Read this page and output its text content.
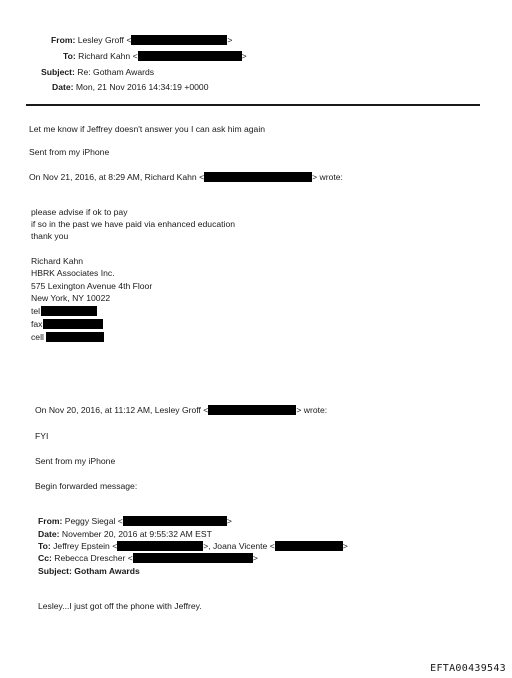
From: Lesley Groff <	>
To: Richard Kahn <	>
Subject: Re: Gotham Awards
Date: Mon, 21 Nov 2016 14:34:19 +0000
Let me know if Jeffrey doesn't answer you I can ask him again
Sent from my iPhone
On Nov 21, 2016, at 8:29 AM, Richard Kahn <	> wrote:
please advise if ok to pay
if so in the past we have paid via enhanced education
thank you
Richard Kahn
HBRK Associates Inc.
575 Lexington Avenue 4th Floor
New York, NY 10022
tel
fax
cell
On Nov 20, 2016, at 11:12 AM, Lesley Groff <	> wrote:
FYI
Sent from my iPhone
Begin forwarded message:
From: Peggy Siegal <	>
Date: November 20, 2016 at 9:55:32 AM EST
To: Jeffrey Epstein <	>, Joana Vicente <	>
Cc: Rebecca Drescher <	>
Subject: Gotham Awards
Lesley...I just got off the phone with Jeffrey.
EFTA00439543
